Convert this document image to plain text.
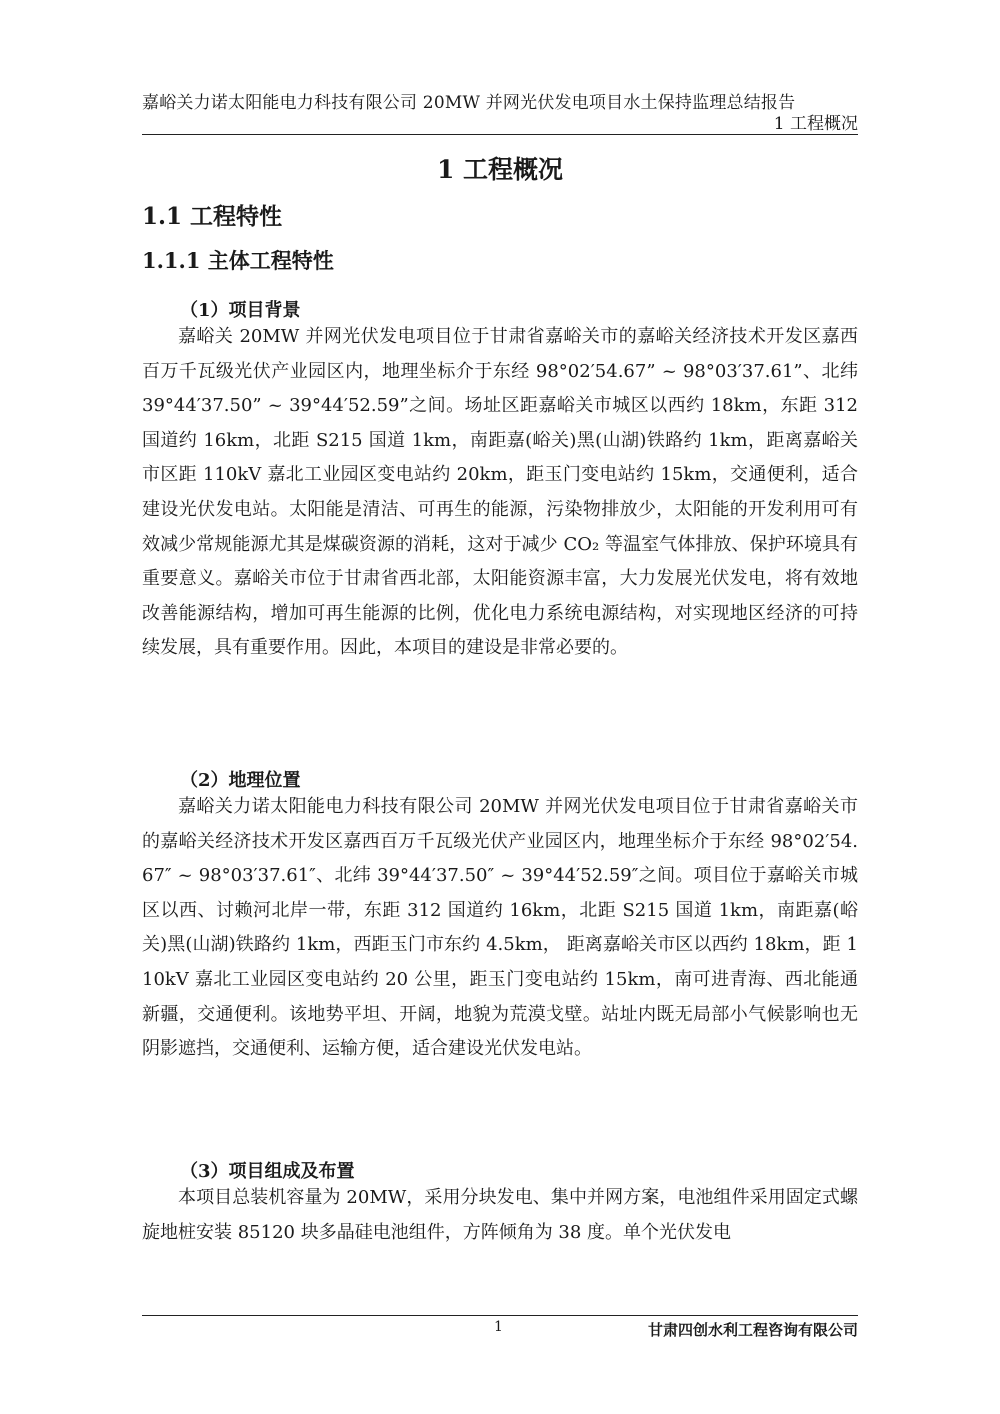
嘉峪关力诺太阳能电力科技有限公司 20MW 并网光伏发电项目水土保持监理总结报告
1 工程概况
1 工程概况
1.1 工程特性
1.1.1 主体工程特性
（1）项目背景

嘉峪关 20MW 并网光伏发电项目位于甘肃省嘉峪关市的嘉峪关经济技术开发区嘉西百万千瓦级光伏产业园区内，地理坐标介于东经 98°02′54.67” ~ 98°03′37.61”、北纬 39°44′37.50” ~ 39°44′52.59”之间。场址区距嘉峪关市城区以西约 18km，东距 312 国道约 16km，北距 S215 国道 1km，南距嘉(峪关)黑(山湖)铁路约 1km，距离嘉峪关市区距 110kV 嘉北工业园区变电站约 20km，距玉门变电站约 15km，交通便利，适合建设光伏发电站。太阳能是清洁、可再生的能源，污染物排放少，太阳能的开发利用可有效减少常规能源尤其是煤碳资源的消耗，这对于减少 CO₂ 等温室气体排放、保护环境具有重要意义。嘉峪关市位于甘肃省西北部，太阳能资源丰富，大力发展光伏发电，将有效地改善能源结构，增加可再生能源的比例，优化电力系统电源结构，对实现地区经济的可持续发展，具有重要作用。因此，本项目的建设是非常必要的。

（2）地理位置

嘉峪关力诺太阳能电力科技有限公司 20MW 并网光伏发电项目位于甘肃省嘉峪关市的嘉峪关经济技术开发区嘉西百万千瓦级光伏产业园区内，地理坐标介于东经 98°02′54.67″ ~ 98°03′37.61″、北纬 39°44′37.50″ ~ 39°44′52.59″之间。项目位于嘉峪关市城区以西、讨赖河北岸一带，东距 312 国道约 16km，北距 S215 国道 1km，南距嘉(峪关)黑(山湖)铁路约 1km，西距玉门市东约 4.5km， 距离嘉峪关市区以西约 18km，距 110kV 嘉北工业园区变电站约 20 公里，距玉门变电站约 15km，南可进青海、西北能通新疆，交通便利。该地势平坦、开阔，地貌为荒漠戈壁。站址内既无局部小气候影响也无阴影遮挡，交通便利、运输方便，适合建设光伏发电站。

（3）项目组成及布置

本项目总装机容量为 20MW，采用分块发电、集中并网方案，电池组件采用固定式螺旋地桩安装 85120 块多晶硅电池组件，方阵倾角为 38 度。单个光伏发电

1	甘肃四创水利工程咨询有限公司
